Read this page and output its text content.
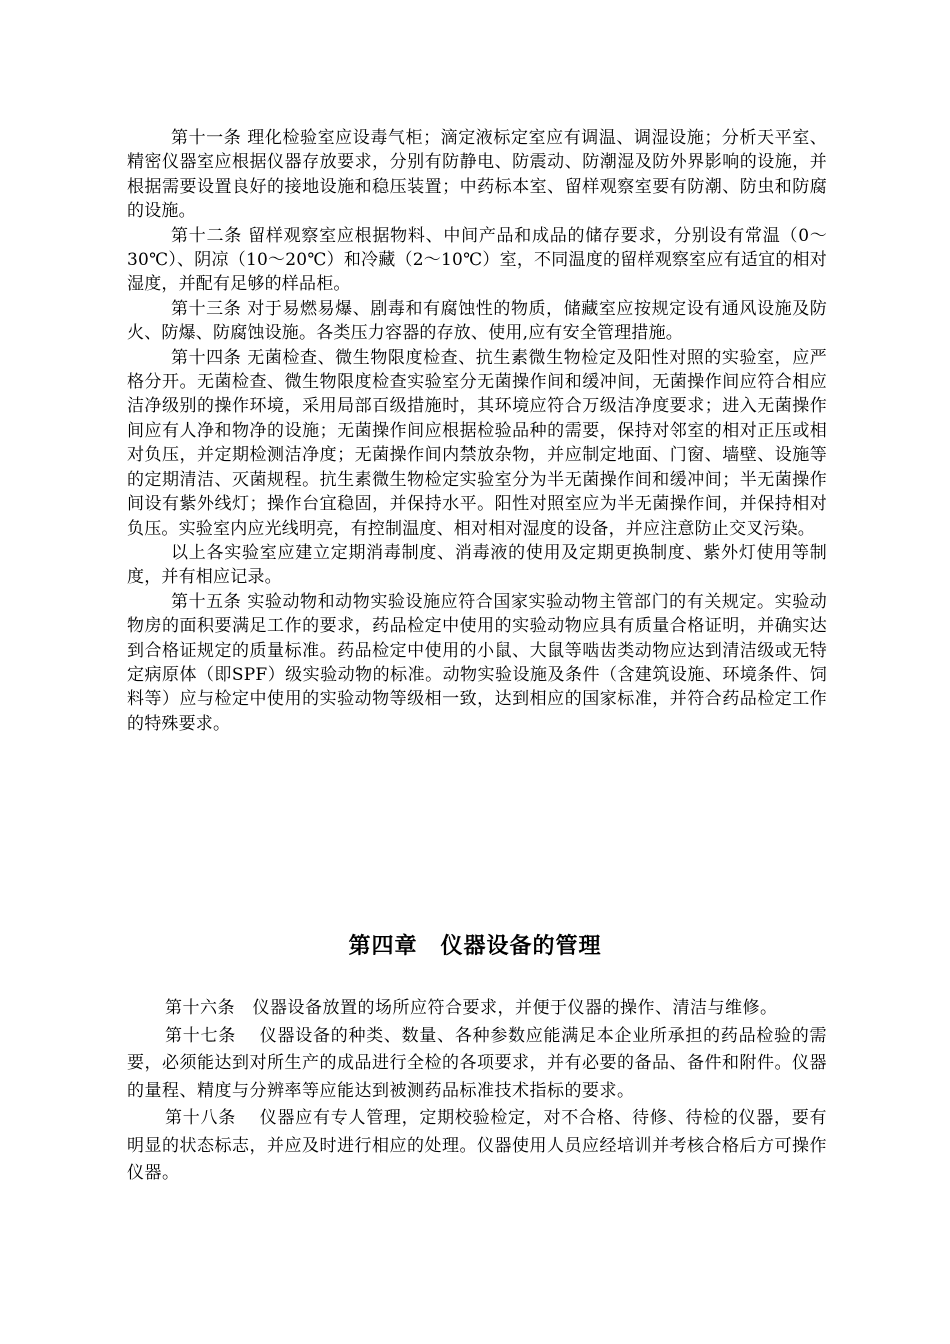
第十一条 理化检验室应设毒气柜；滴定液标定室应有调温、调湿设施；分析天平室、精密仪器室应根据仪器存放要求，分别有防静电、防震动、防潮湿及防外界影响的设施，并根据需要设置良好的接地设施和稳压装置；中药标本室、留样观察室要有防潮、防虫和防腐的设施。

第十二条 留样观察室应根据物料、中间产品和成品的储存要求，分别设有常温（0～30℃）、阴凉（10～20℃）和冷藏（2～10℃）室，不同温度的留样观察室应有适宜的相对湿度，并配有足够的样品柜。

第十三条 对于易燃易爆、剧毒和有腐蚀性的物质，储藏室应按规定设有通风设施及防火、防爆、防腐蚀设施。各类压力容器的存放、使用,应有安全管理措施。

第十四条 无菌检查、微生物限度检查、抗生素微生物检定及阳性对照的实验室，应严格分开。无菌检查、微生物限度检查实验室分无菌操作间和缓冲间，无菌操作间应符合相应洁净级别的操作环境，采用局部百级措施时，其环境应符合万级洁净度要求；进入无菌操作间应有人净和物净的设施；无菌操作间应根据检验品种的需要，保持对邻室的相对正压或相对负压，并定期检测洁净度；无菌操作间内禁放杂物，并应制定地面、门窗、墙壁、设施等的定期清洁、灭菌规程。抗生素微生物检定实验室分为半无菌操作间和缓冲间；半无菌操作间设有紫外线灯；操作台宜稳固，并保持水平。阳性对照室应为半无菌操作间，并保持相对负压。实验室内应光线明亮，有控制温度、相对相对湿度的设备，并应注意防止交叉污染。

以上各实验室应建立定期消毒制度、消毒液的使用及定期更换制度、紫外灯使用等制度，并有相应记录。

第十五条 实验动物和动物实验设施应符合国家实验动物主管部门的有关规定。实验动物房的面积要满足工作的要求，药品检定中使用的实验动物应具有质量合格证明，并确实达到合格证规定的质量标准。药品检定中使用的小鼠、大鼠等啮齿类动物应达到清洁级或无特定病原体（即SPF）级实验动物的标准。动物实验设施及条件（含建筑设施、环境条件、饲料等）应与检定中使用的实验动物等级相一致，达到相应的国家标准，并符合药品检定工作的特殊要求。

第四章　仪器设备的管理

第十六条　仪器设备放置的场所应符合要求，并便于仪器的操作、清洁与维修。

第十七条　 仪器设备的种类、数量、各种参数应能满足本企业所承担的药品检验的需要，必须能达到对所生产的成品进行全检的各项要求，并有必要的备品、备件和附件。仪器的量程、精度与分辨率等应能达到被测药品标准技术指标的要求。

第十八条　 仪器应有专人管理，定期校验检定，对不合格、待修、待检的仪器，要有明显的状态标志，并应及时进行相应的处理。仪器使用人员应经培训并考核合格后方可操作仪器。
